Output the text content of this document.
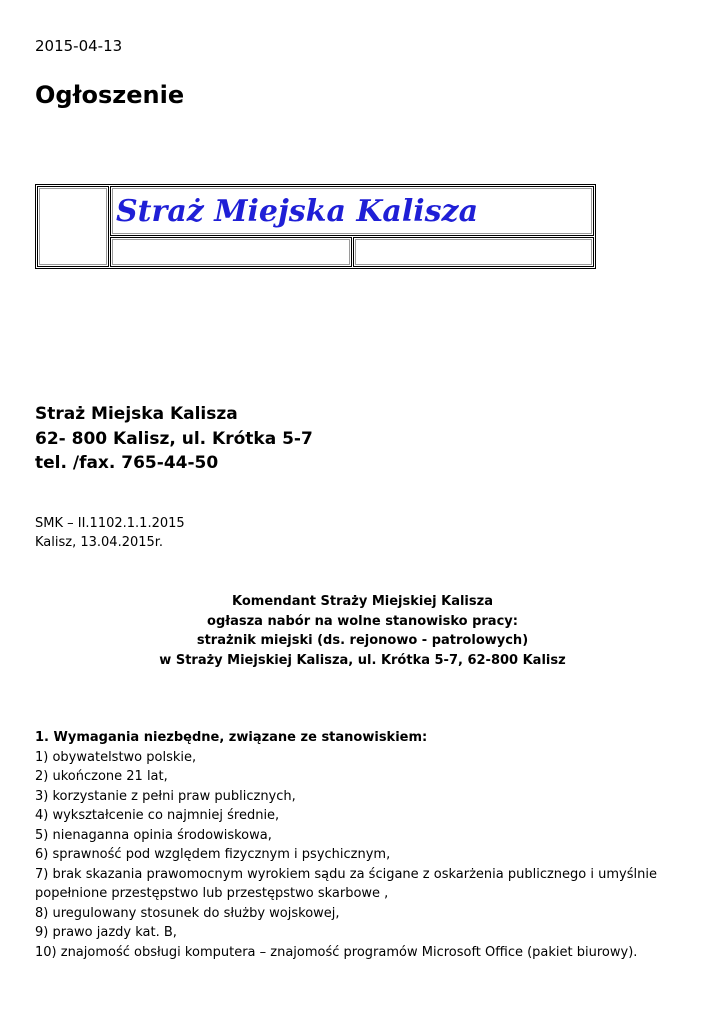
2015-04-13
Ogłoszenie
Straż Miejska Kalisza
Straż Miejska Kalisza
62- 800 Kalisz, ul. Krótka 5-7
tel. /fax. 765-44-50
SMK – II.1102.1.1.2015
Kalisz, 13.04.2015r.
Komendant Straży Miejskiej Kalisza
ogłasza nabór na wolne stanowisko pracy:
strażnik miejski (ds. rejonowo - patrolowych)
w Straży Miejskiej Kalisza, ul. Krótka 5-7, 62-800 Kalisz
1. Wymagania niezbędne, związane ze stanowiskiem:
1) obywatelstwo polskie,
2) ukończone 21 lat,
3) korzystanie z pełni praw publicznych,
4) wykształcenie co najmniej średnie,
5) nienaganna opinia środowiskowa,
6) sprawność pod względem fizycznym i psychicznym,
7) brak skazania prawomocnym wyrokiem sądu za ścigane z oskarżenia publicznego i umyślnie popełnione przestępstwo lub przestępstwo skarbowe ,
8) uregulowany stosunek do służby wojskowej,
9) prawo jazdy kat. B,
10) znajomość obsługi komputera – znajomość programów Microsoft Office (pakiet biurowy).
